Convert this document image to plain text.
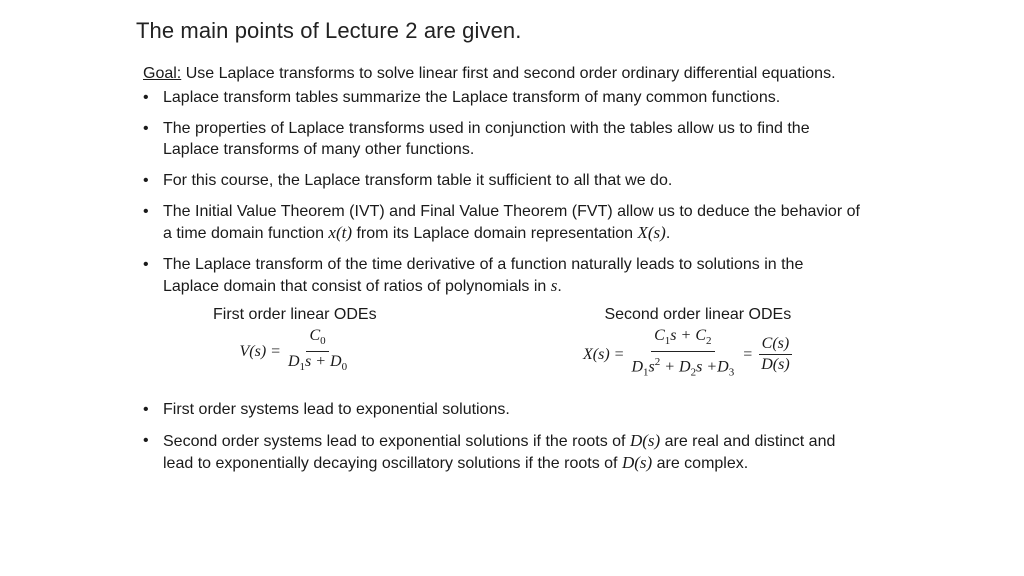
The main points of Lecture 2 are given.

Goal: Use Laplace transforms to solve linear first and second order ordinary differential equations.

• Laplace transform tables summarize the Laplace transform of many common functions.
• The properties of Laplace transforms used in conjunction with the tables allow us to find the Laplace transforms of many other functions.
• For this course, the Laplace transform table it sufficient to all that we do.
• The Initial Value Theorem (IVT) and Final Value Theorem (FVT) allow us to deduce the behavior of a time domain function x(t) from its Laplace domain representation X(s).
• The Laplace transform of the time derivative of a function naturally leads to solutions in the Laplace domain that consist of ratios of polynomials in s.
First order linear ODEs
$V(s) = \frac{C_0}{D_1s + D_0}$
Second order linear ODEs
$X(s) = \frac{C_1s + C_2}{D_1s^2 + D_2s +D_3} = \frac{C(s)}{D(s)}$
• First order systems lead to exponential solutions.
• Second order systems lead to exponential solutions if the roots of D(s) are real and distinct and lead to exponentially decaying oscillatory solutions if the roots of D(s) are complex.
